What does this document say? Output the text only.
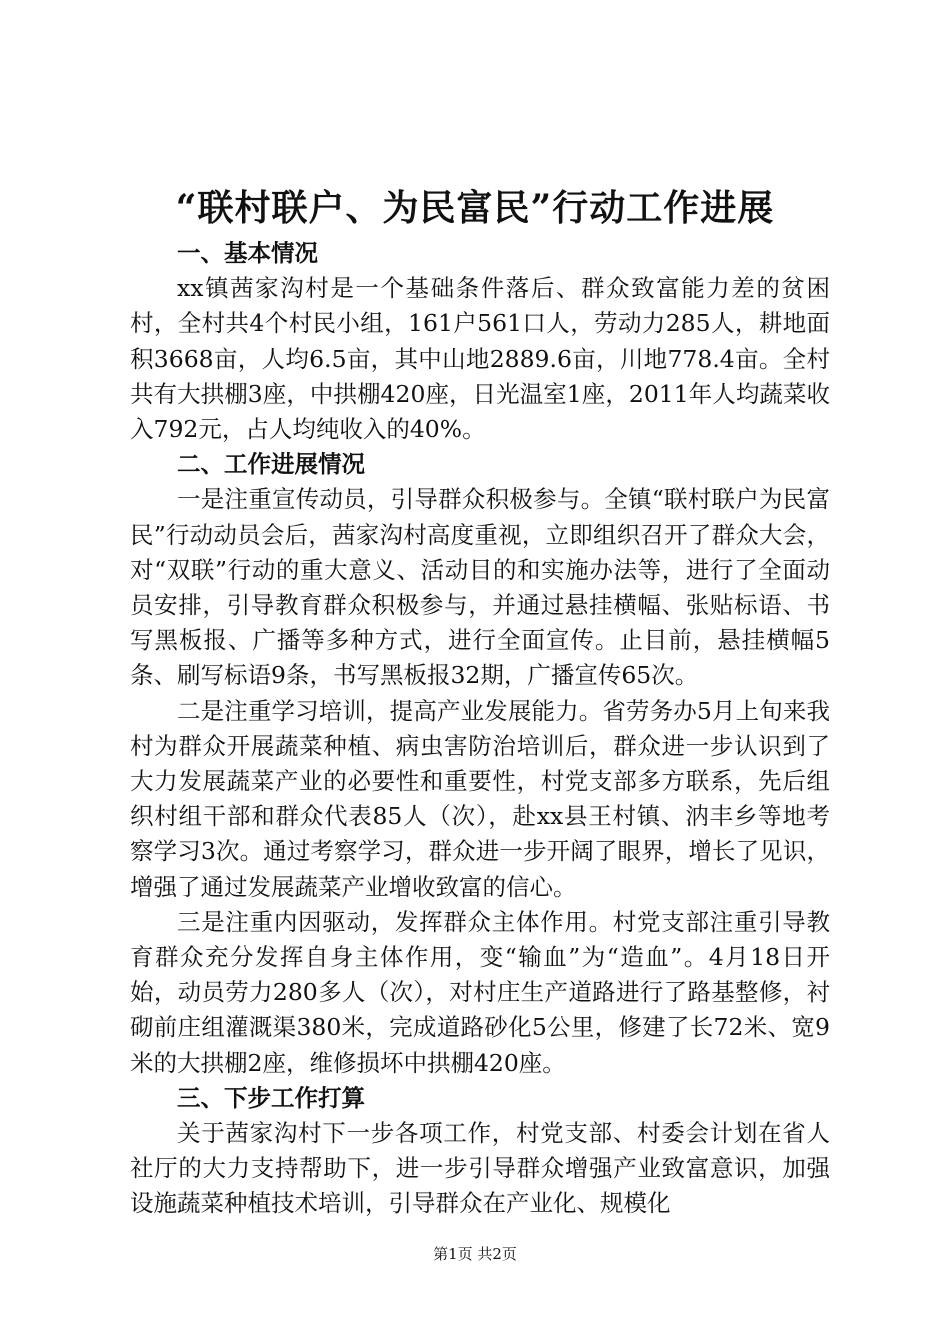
“联村联户、为民富民”行动工作进展

一、基本情况

xx镇茜家沟村是一个基础条件落后、群众致富能力差的贫困村，全村共4个村民小组，161户561口人，劳动力285人，耕地面积3668亩，人均6.5亩，其中山地2889.6亩，川地778.4亩。全村共有大拱棚3座，中拱棚420座，日光温室1座，2011年人均蔬菜收入792元，占人均纯收入的40%。

二、工作进展情况

一是注重宣传动员，引导群众积极参与。全镇“联村联户为民富民”行动动员会后，茜家沟村高度重视，立即组织召开了群众大会，对“双联”行动的重大意义、活动目的和实施办法等，进行了全面动员安排，引导教育群众积极参与，并通过悬挂横幅、张贴标语、书写黑板报、广播等多种方式，进行全面宣传。止目前，悬挂横幅5条、刷写标语9条，书写黑板报32期，广播宣传65次。

二是注重学习培训，提高产业发展能力。省劳务办5月上旬来我村为群众开展蔬菜种植、病虫害防治培训后，群众进一步认识到了大力发展蔬菜产业的必要性和重要性，村党支部多方联系，先后组织村组干部和群众代表85人（次），赴xx县王村镇、汭丰乡等地考察学习3次。通过考察学习，群众进一步开阔了眼界，增长了见识，增强了通过发展蔬菜产业增收致富的信心。

三是注重内因驱动，发挥群众主体作用。村党支部注重引导教育群众充分发挥自身主体作用，变“输血”为“造血”。4月18日开始，动员劳力280多人（次），对村庄生产道路进行了路基整修，衬砌前庄组灌溉渠380米，完成道路砂化5公里，修建了长72米、宽9米的大拱棚2座，维修损坏中拱棚420座。

三、下步工作打算

关于茜家沟村下一步各项工作，村党支部、村委会计划在省人社厅的大力支持帮助下，进一步引导群众增强产业致富意识，加强设施蔬菜种植技术培训，引导群众在产业化、规模化

第1页 共2页
